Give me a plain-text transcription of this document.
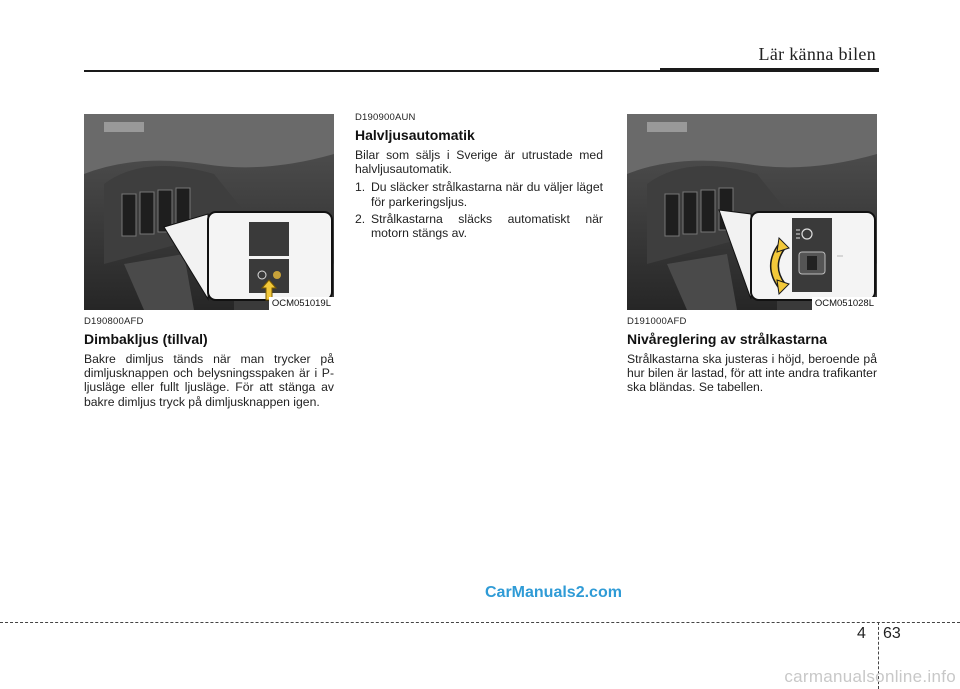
Lär känna bilen
OCM051019L	OCM051028L
D190800AFD
Dimbakljus (tillval)
Bakre dimljus tänds när man trycker på dimljusknappen och belysningsspaken är i P-ljusläge eller fullt ljusläge. För att stänga av bakre dimljus tryck på dimljusknappen igen.
D190900AUN
Halvljusautomatik
Bilar som säljs i Sverige är utrustade med halvljusautomatik.
1. Du släcker strålkastarna när du väljer läget för parkeringsljus.
2. Strålkastarna släcks automatiskt när motorn stängs av.
D191000AFD
Nivåreglering av strålkastarna
Strålkastarna ska justeras i höjd, beroende på hur bilen är lastad, för att inte andra trafikanter ska bländas. Se tabellen.
CarManuals2.com
4 63
carmanualsonline.info
